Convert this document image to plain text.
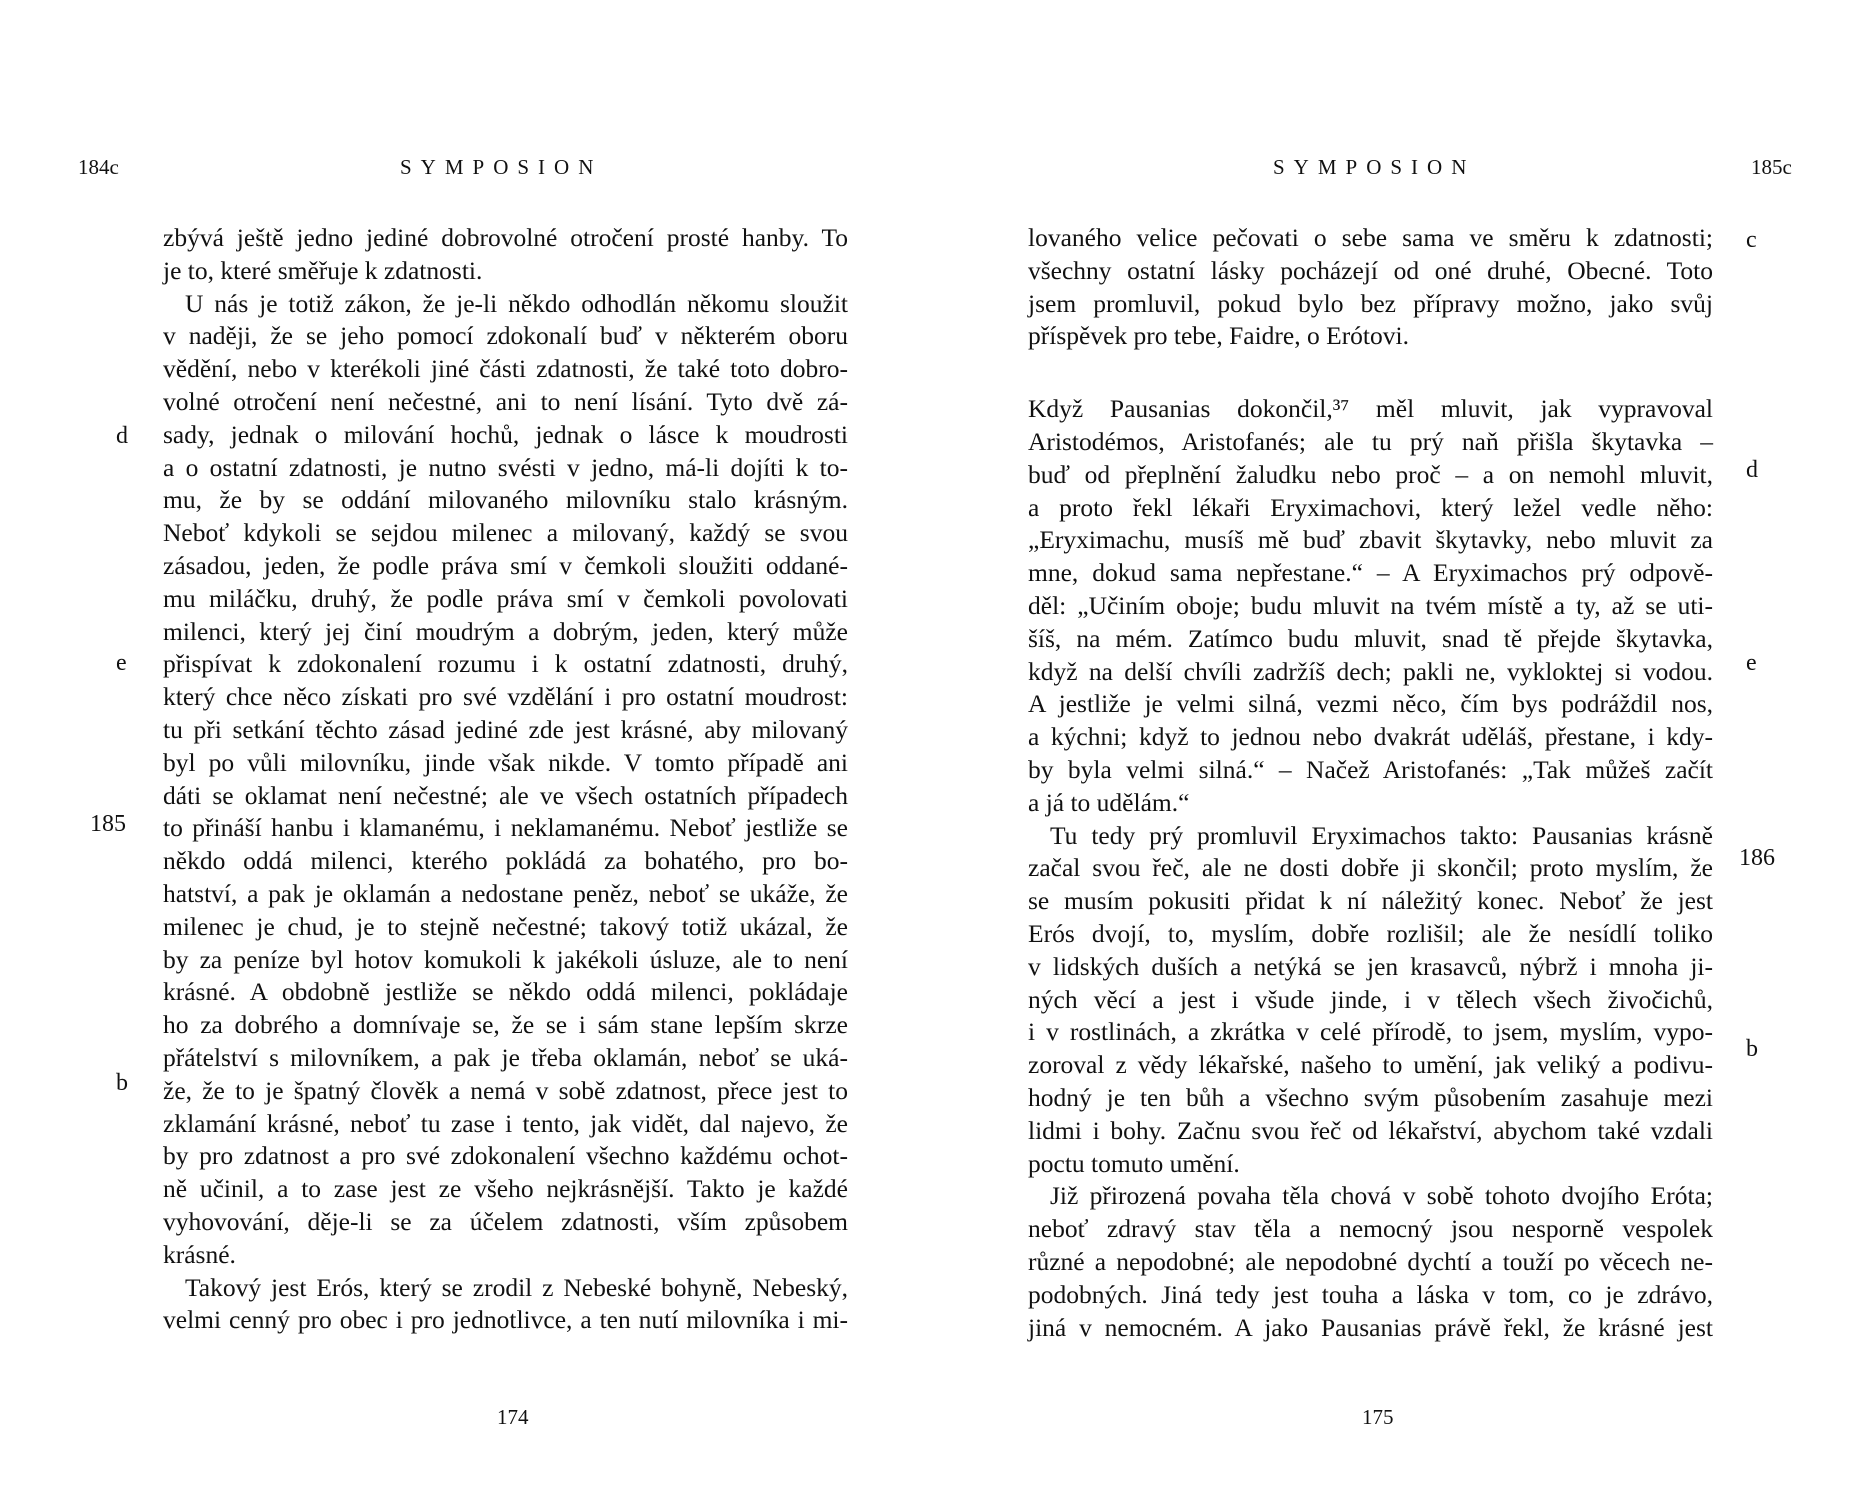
184c	SYMPOSION
d
e
185
b
zbývá ještě jedno jediné dobrovolné otročení prosté hanby. To
je to, které směřuje k zdatnosti.
U nás je totiž zákon, že je-li někdo odhodlán někomu sloužit
v naději, že se jeho pomocí zdokonalí buď v některém oboru
vědění, nebo v kterékoli jiné části zdatnosti, že také toto dobro-
volné otročení není nečestné, ani to není lísání. Tyto dvě zá-
sady, jednak o milování hochů, jednak o lásce k moudrosti
a o ostatní zdatnosti, je nutno svésti v jedno, má-li dojíti k to-
mu, že by se oddání milovaného milovníku stalo krásným.
Neboť kdykoli se sejdou milenec a milovaný, každý se svou
zásadou, jeden, že podle práva smí v čemkoli sloužiti oddané-
mu miláčku, druhý, že podle práva smí v čemkoli povolovati
milenci, který jej činí moudrým a dobrým, jeden, který může
přispívat k zdokonalení rozumu i k ostatní zdatnosti, druhý,
který chce něco získati pro své vzdělání i pro ostatní moudrost:
tu při setkání těchto zásad jediné zde jest krásné, aby milovaný
byl po vůli milovníku, jinde však nikde. V tomto případě ani
dáti se oklamat není nečestné; ale ve všech ostatních případech
to přináší hanbu i klamanému, i neklamanému. Neboť jestliže se
někdo oddá milenci, kterého pokládá za bohatého, pro bo-
hatství, a pak je oklamán a nedostane peněz, neboť se ukáže, že
milenec je chud, je to stejně nečestné; takový totiž ukázal, že
by za peníze byl hotov komukoli k jakékoli úsluze, ale to není
krásné. A obdobně jestliže se někdo oddá milenci, pokládaje
ho za dobrého a domnívaje se, že se i sám stane lepším skrze
přátelství s milovníkem, a pak je třeba oklamán, neboť se uká-
že, že to je špatný člověk a nemá v sobě zdatnost, přece jest to
zklamání krásné, neboť tu zase i tento, jak vidět, dal najevo, že
by pro zdatnost a pro své zdokonalení všechno každému ochot-
ně učinil, a to zase jest ze všeho nejkrásnější. Takto je každé
vyhovování, děje-li se za účelem zdatnosti, vším způsobem
krásné.
Takový jest Erós, který se zrodil z Nebeské bohyně, Nebeský,
velmi cenný pro obec i pro jednotlivce, a ten nutí milovníka i mi-
174
SYMPOSION	185c
c
d
e
186
b
lovaného velice pečovati o sebe sama ve směru k zdatnosti;
všechny ostatní lásky pocházejí od oné druhé, Obecné. Toto
jsem promluvil, pokud bylo bez přípravy možno, jako svůj
příspěvek pro tebe, Faidre, o Erótovi.
Když Pausanias dokončil,³⁷ měl mluvit, jak vypravoval
Aristodémos, Aristofanés; ale tu prý naň přišla škytavka –
buď od přeplnění žaludku nebo proč – a on nemohl mluvit,
a proto řekl lékaři Eryximachovi, který ležel vedle něho:
„Eryximachu, musíš mě buď zbavit škytavky, nebo mluvit za
mne, dokud sama nepřestane.“ – A Eryximachos prý odpově-
děl: „Učiním oboje; budu mluvit na tvém místě a ty, až se uti-
šíš, na mém. Zatímco budu mluvit, snad tě přejde škytavka,
když na delší chvíli zadržíš dech; pakli ne, vykloktej si vodou.
A jestliže je velmi silná, vezmi něco, čím bys podráždil nos,
a kýchni; když to jednou nebo dvakrát uděláš, přestane, i kdy-
by byla velmi silná.“ – Načež Aristofanés: „Tak můžeš začít
a já to udělám.“
Tu tedy prý promluvil Eryximachos takto: Pausanias krásně
začal svou řeč, ale ne dosti dobře ji skončil; proto myslím, že
se musím pokusiti přidat k ní náležitý konec. Neboť že jest
Erós dvojí, to, myslím, dobře rozlišil; ale že nesídlí toliko
v lidských duších a netýká se jen krasavců, nýbrž i mnoha ji-
ných věcí a jest i všude jinde, i v tělech všech živočichů,
i v rostlinách, a zkrátka v celé přírodě, to jsem, myslím, vypo-
zoroval z vědy lékařské, našeho to umění, jak veliký a podivu-
hodný je ten bůh a všechno svým působením zasahuje mezi
lidmi i bohy. Začnu svou řeč od lékařství, abychom také vzdali
poctu tomuto umění.
Již přirozená povaha těla chová v sobě tohoto dvojího Eróta;
neboť zdravý stav těla a nemocný jsou nesporně vespolek
různé a nepodobné; ale nepodobné dychtí a touží po věcech ne-
podobných. Jiná tedy jest touha a láska v tom, co je zdrávo,
jiná v nemocném. A jako Pausanias právě řekl, že krásné jest
175
